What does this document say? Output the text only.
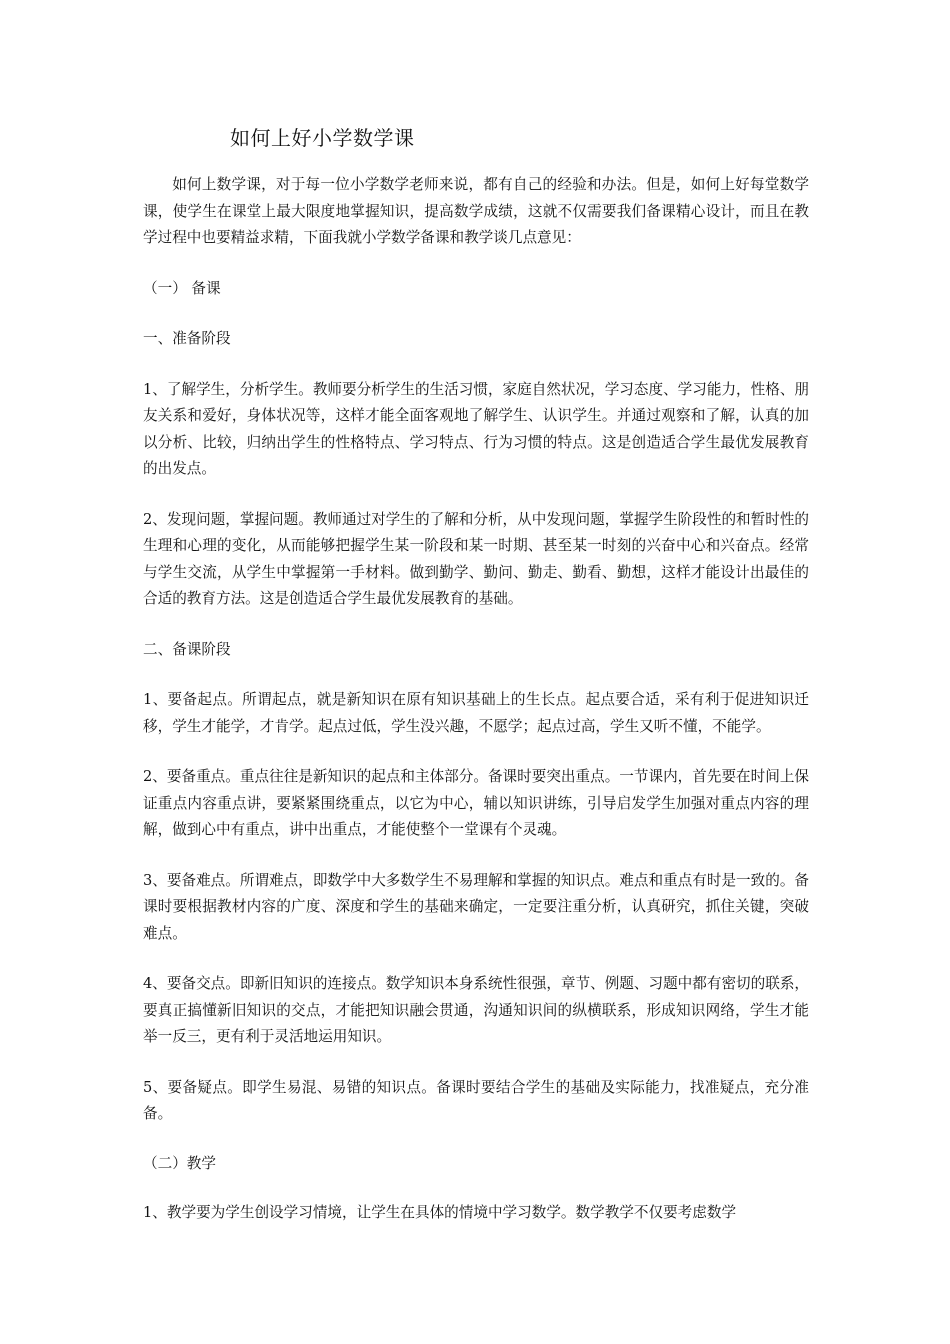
如何上好小学数学课

如何上数学课，对于每一位小学数学老师来说，都有自己的经验和办法。但是，如何上好每堂数学课，使学生在课堂上最大限度地掌握知识，提高数学成绩，这就不仅需要我们备课精心设计，而且在教学过程中也要精益求精，下面我就小学数学备课和教学谈几点意见：

（一） 备课

一、准备阶段

1、了解学生，分析学生。教师要分析学生的生活习惯，家庭自然状况，学习态度、学习能力，性格、朋友关系和爱好，身体状况等，这样才能全面客观地了解学生、认识学生。并通过观察和了解，认真的加以分析、比较，归纳出学生的性格特点、学习特点、行为习惯的特点。这是创造适合学生最优发展教育的出发点。

2、发现问题，掌握问题。教师通过对学生的了解和分析，从中发现问题，掌握学生阶段性的和暂时性的生理和心理的变化，从而能够把握学生某一阶段和某一时期、甚至某一时刻的兴奋中心和兴奋点。经常与学生交流，从学生中掌握第一手材料。做到勤学、勤问、勤走、勤看、勤想，这样才能设计出最佳的合适的教育方法。这是创造适合学生最优发展教育的基础。

二、备课阶段

1、要备起点。所谓起点，就是新知识在原有知识基础上的生长点。起点要合适，采有利于促进知识迁移，学生才能学，才肯学。起点过低，学生没兴趣，不愿学；起点过高，学生又听不懂，不能学。

2、要备重点。重点往往是新知识的起点和主体部分。备课时要突出重点。一节课内，首先要在时间上保证重点内容重点讲，要紧紧围绕重点，以它为中心，辅以知识讲练，引导启发学生加强对重点内容的理解，做到心中有重点，讲中出重点，才能使整个一堂课有个灵魂。

3、要备难点。所谓难点，即数学中大多数学生不易理解和掌握的知识点。难点和重点有时是一致的。备课时要根据教材内容的广度、深度和学生的基础来确定，一定要注重分析，认真研究，抓住关键，突破难点。

4、要备交点。即新旧知识的连接点。数学知识本身系统性很强，章节、例题、习题中都有密切的联系，要真正搞懂新旧知识的交点，才能把知识融会贯通，沟通知识间的纵横联系，形成知识网络，学生才能举一反三，更有利于灵活地运用知识。

5、要备疑点。即学生易混、易错的知识点。备课时要结合学生的基础及实际能力，找准疑点，充分准备。

（二）教学

1、教学要为学生创设学习情境，让学生在具体的情境中学习数学。数学教学不仅要考虑数学
